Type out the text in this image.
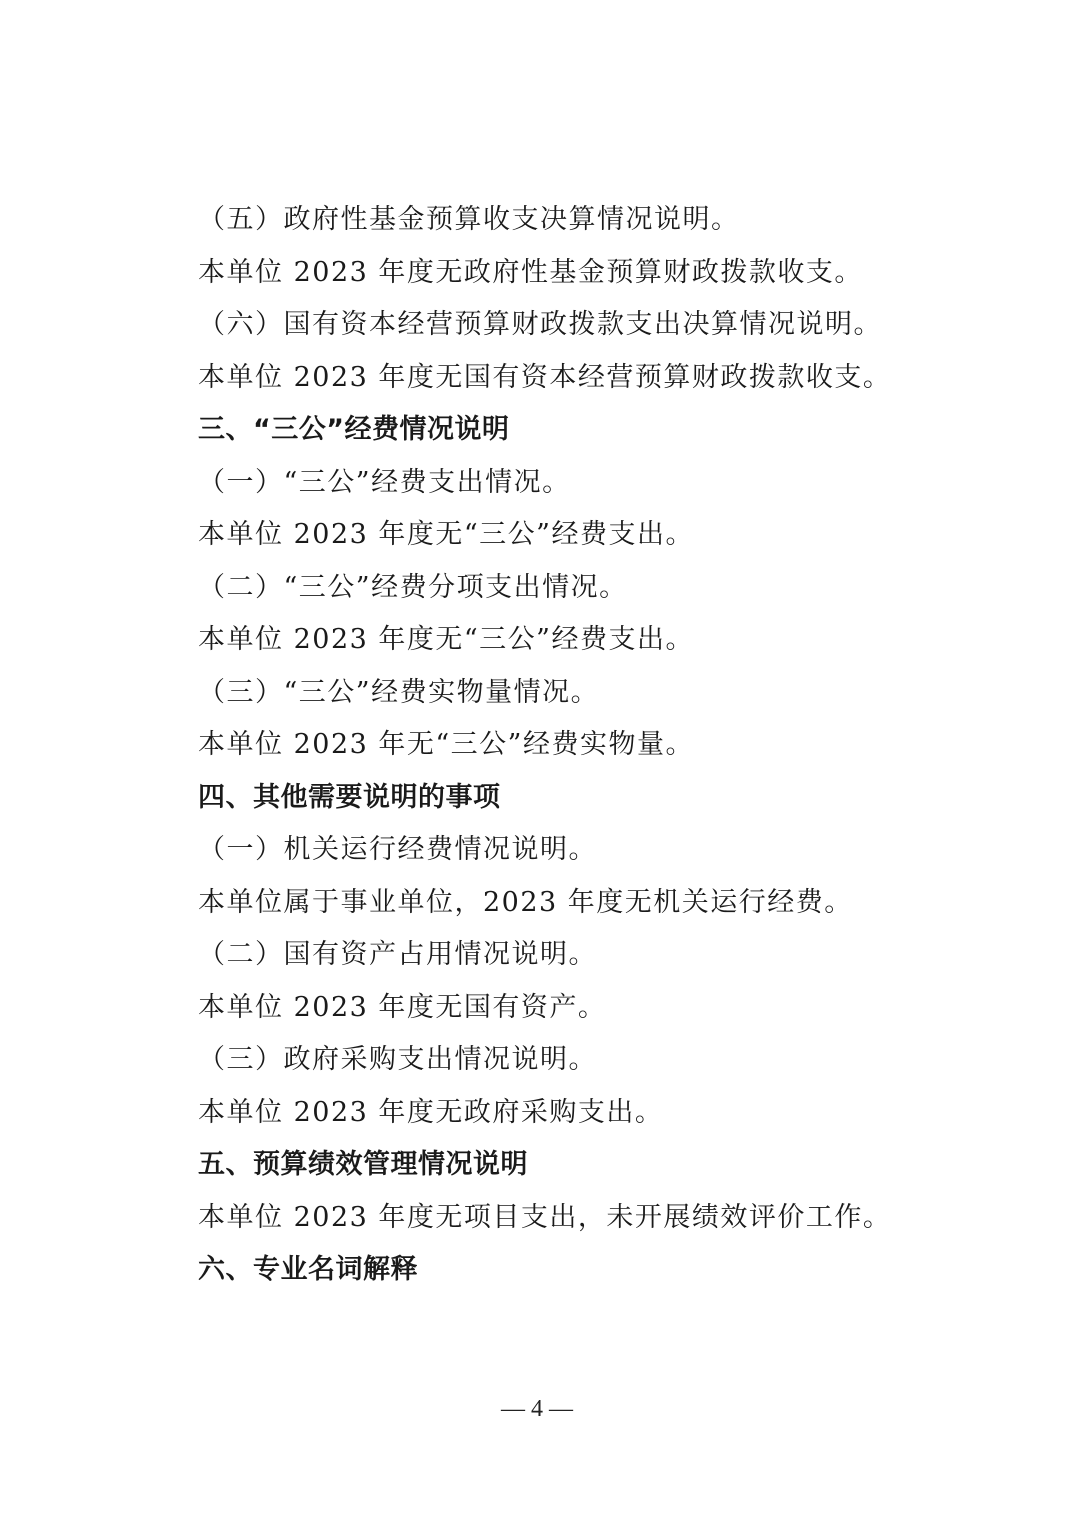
（五）政府性基金预算收支决算情况说明。
本单位 2023 年度无政府性基金预算财政拨款收支。
（六）国有资本经营预算财政拨款支出决算情况说明。
本单位 2023 年度无国有资本经营预算财政拨款收支。
三、“三公”经费情况说明
（一）“三公”经费支出情况。
本单位 2023 年度无“三公”经费支出。
（二）“三公”经费分项支出情况。
本单位 2023 年度无“三公”经费支出。
（三）“三公”经费实物量情况。
本单位 2023 年无“三公”经费实物量。
四、其他需要说明的事项
（一）机关运行经费情况说明。
本单位属于事业单位，2023 年度无机关运行经费。
（二）国有资产占用情况说明。
本单位 2023 年度无国有资产。
（三）政府采购支出情况说明。
本单位 2023 年度无政府采购支出。
五、预算绩效管理情况说明
本单位 2023 年度无项目支出，未开展绩效评价工作。
六、专业名词解释
— 4 —
